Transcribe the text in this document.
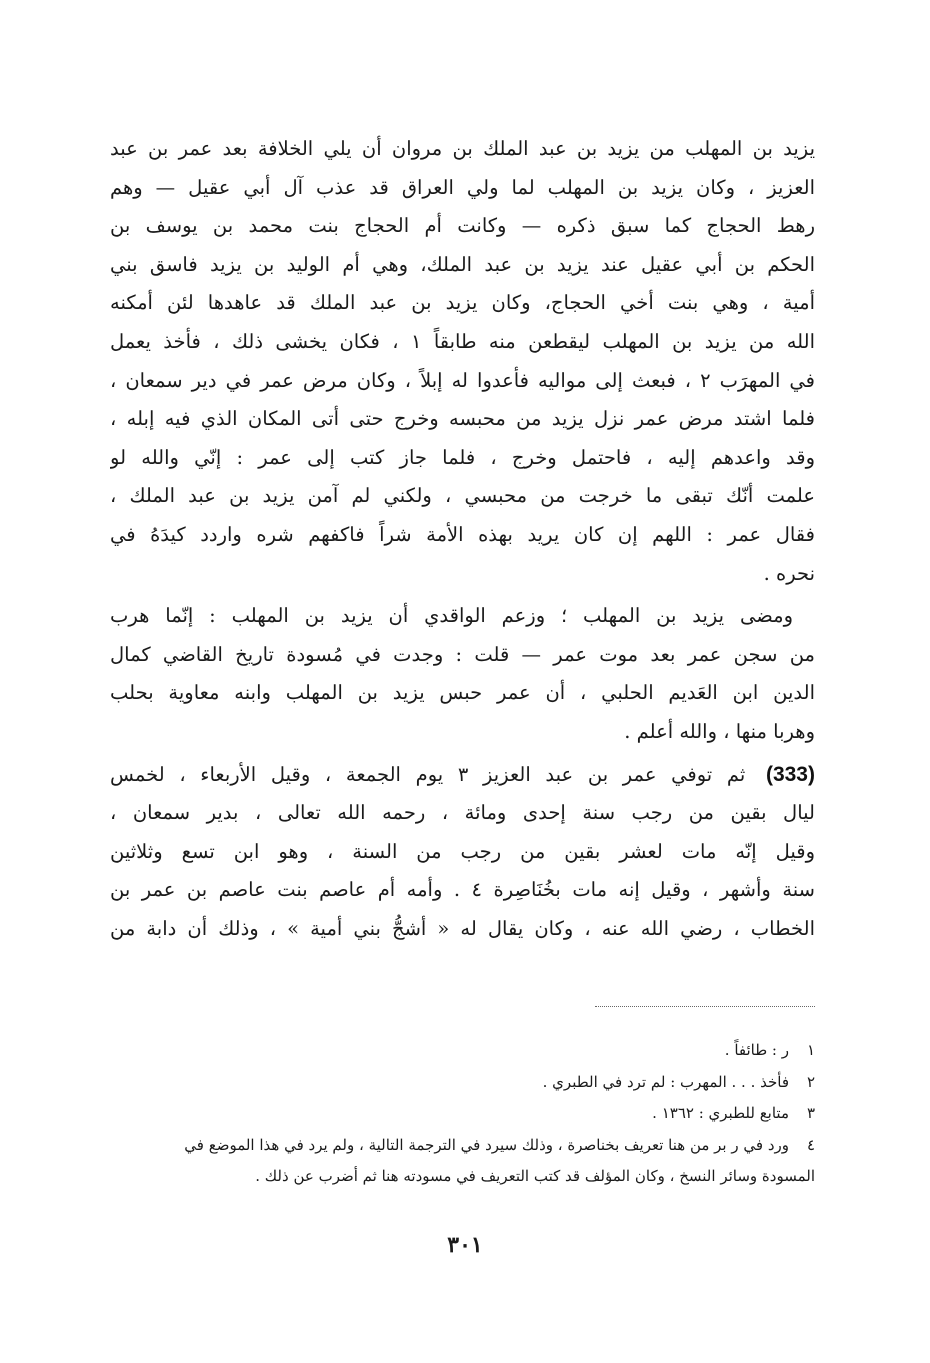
يزيد بن المهلب من يزيد بن عبد الملك بن مروان أن يلي الخلافة بعد عمر بن عبد
العزيز ، وكان يزيد بن المهلب لما ولي العراق قد عذب آل أبي عقيل — وهم
رهط الحجاج كما سبق ذكره — وكانت أم الحجاج بنت محمد بن يوسف بن
الحكم بن أبي عقيل عند يزيد بن عبد الملك، وهي أم الوليد بن يزيد فاسق بني
أمية ، وهي بنت أخي الحجاج، وكان يزيد بن عبد الملك قد عاهدها لئن أمكنه
الله من يزيد بن المهلب ليقطعن منه طابقاً ١ ، فكان يخشى ذلك ، فأخذ يعمل
في المهرَب ٢ ، فبعث إلى مواليه فأعدوا له إبلاً ، وكان مرض عمر في دير سمعان ،
فلما اشتد مرض عمر نزل يزيد من محبسه وخرج حتى أتى المكان الذي فيه إبله ،
وقد واعدهم إليه ، فاحتمل وخرج ، فلما جاز كتب إلى عمر : إنّي والله لو
علمت أنّك تبقى ما خرجت من محبسي ، ولكني لم آمن يزيد بن عبد الملك ،
فقال عمر : اللهم إن كان يريد بهذه الأمة شراً فاكفهم شره واردد كيدَهُ في
نحره .
ومضى يزيد بن المهلب ؛ وزعم الواقدي أن يزيد بن المهلب : إنّما هرب
من سجن عمر بعد موت عمر — قلت : وجدت في مُسودة تاريخ القاضي كمال
الدين ابن العَديم الحلبي ، أن عمر حبس يزيد بن المهلب وابنه معاوية بحلب
وهربا منها ، والله أعلم .
(333) ثم توفي عمر بن عبد العزيز ٣ يوم الجمعة ، وقيل الأربعاء ، لخمس
ليال بقين من رجب سنة إحدى ومائة ، رحمه الله تعالى ، بدير سمعان ،
وقيل إنّه مات لعشر بقين من رجب من السنة ، وهو ابن تسع وثلاثين
سنة وأشهر ، وقيل إنه مات بخُنَاصِرة ٤ . وأمه أم عاصم بنت عاصم بن عمر بن
الخطاب ، رضي الله عنه ، وكان يقال له « أشجُّ بني أمية » ، وذلك أن دابة من
١ر : طائفاً .
٢فأخذ . . . المهرب : لم ترد في الطبري .
٣متابع للطبري : ١٣٦٢ .
٤ورد في ر بر من هنا تعريف بخناصرة ، وذلك سيرد في الترجمة التالية ، ولم يرد في هذا الموضع في
المسودة وسائر النسخ ، وكان المؤلف قد كتب التعريف في مسودته هنا ثم أضرب عن ذلك .
٣٠١
